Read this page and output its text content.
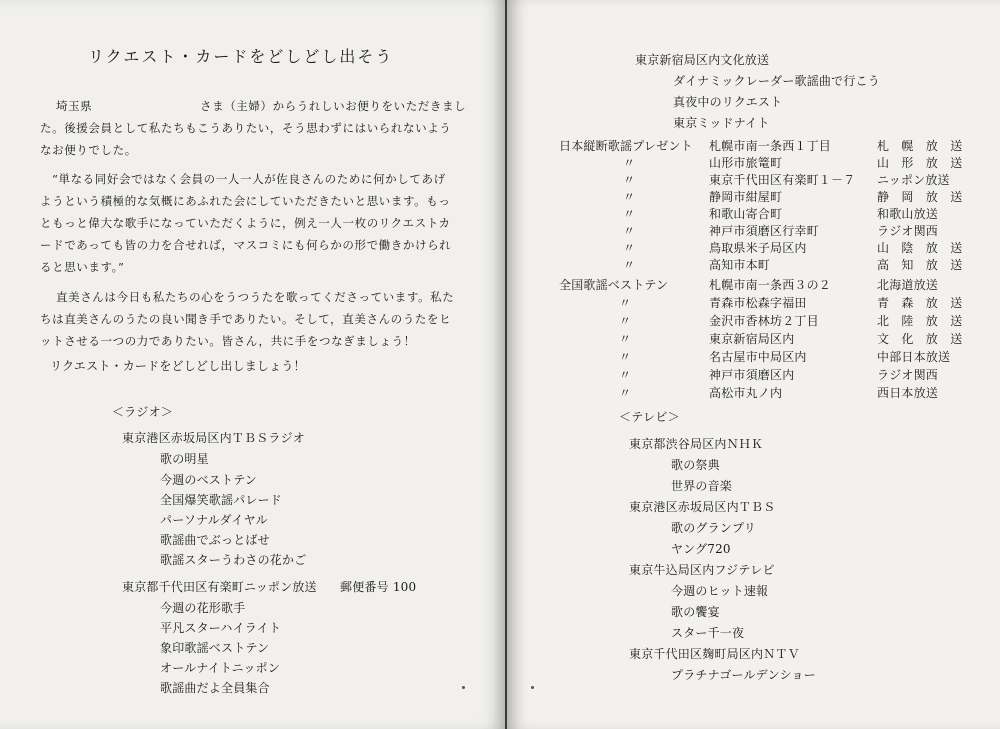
リクエスト・カードをどしどし出そう
埼玉県	さま（主婦）からうれしいお便りをいただきまし
た。後援会員として私たちもこうありたい，そう思わずにはいられないよう
なお便りでした。
“単なる同好会ではなく会員の一人一人が佐良さんのために何かしてあげ
ようという積極的な気概にあふれた会にしていただきたいと思います。もっ
ともっと偉大な歌手になっていただくように，例え一人一枚のリクエストカ
ードであっても皆の力を合せれば，マスコミにも何らかの形で働きかけられ
ると思います。”
直美さんは今日も私たちの心をうつうたを歌ってくださっています。私た
ちは直美さんのうたの良い聞き手でありたい。そして，直美さんのうたをヒ
ットさせる一つの力でありたい。皆さん，共に手をつなぎましょう！
リクエスト・カードをどしどし出しましょう！
＜ラジオ＞
東京港区赤坂局区内ＴＢＳラジオ
歌の明星
今週のベストテン
全国爆笑歌謡パレード
パーソナルダイヤル
歌謡曲でぶっとばせ
歌謡スターうわさの花かご
東京都千代田区有楽町ニッポン放送 郵便番号 100
今週の花形歌手
平凡スターハイライト
象印歌謡ベストテン
オールナイトニッポン
歌謡曲だよ全員集合
東京新宿局区内文化放送
ダイナミックレーダー歌謡曲で行こう
真夜中のリクエスト
東京ミッドナイト
日本縦断歌謡プレゼント 札幌市南一条西１丁目	札　幌　放　送
〃	山形市旅篭町	山　形　放　送
〃	東京千代田区有楽町１－７ ニッポン放送
〃	静岡市紺屋町	静　岡　放　送
〃	和歌山寄合町	和歌山放送
〃	神戸市須磨区行幸町	ラジオ関西
〃	鳥取県米子局区内	山　陰　放　送
〃	高知市本町	高　知　放　送
全国歌謡ベストテン	札幌市南一条西３の２	北海道放送
〃	青森市松森字福田	青　森　放　送
〃	金沢市香林坊２丁目	北　陸　放　送
〃	東京新宿局区内	文　化　放　送
〃	名古屋市中局区内	中部日本放送
〃	神戸市須磨区内	ラジオ関西
〃	高松市丸ノ内	西日本放送
＜テレビ＞
東京都渋谷局区内ＮＨＫ
歌の祭典
世界の音楽
東京港区赤坂局区内ＴＢＳ
歌のグランプリ
ヤング720
東京牛込局区内フジテレビ
今週のヒット速報
歌の饗宴
スター千一夜
東京千代田区麹町局区内ＮＴＶ
プラチナゴールデンショー
